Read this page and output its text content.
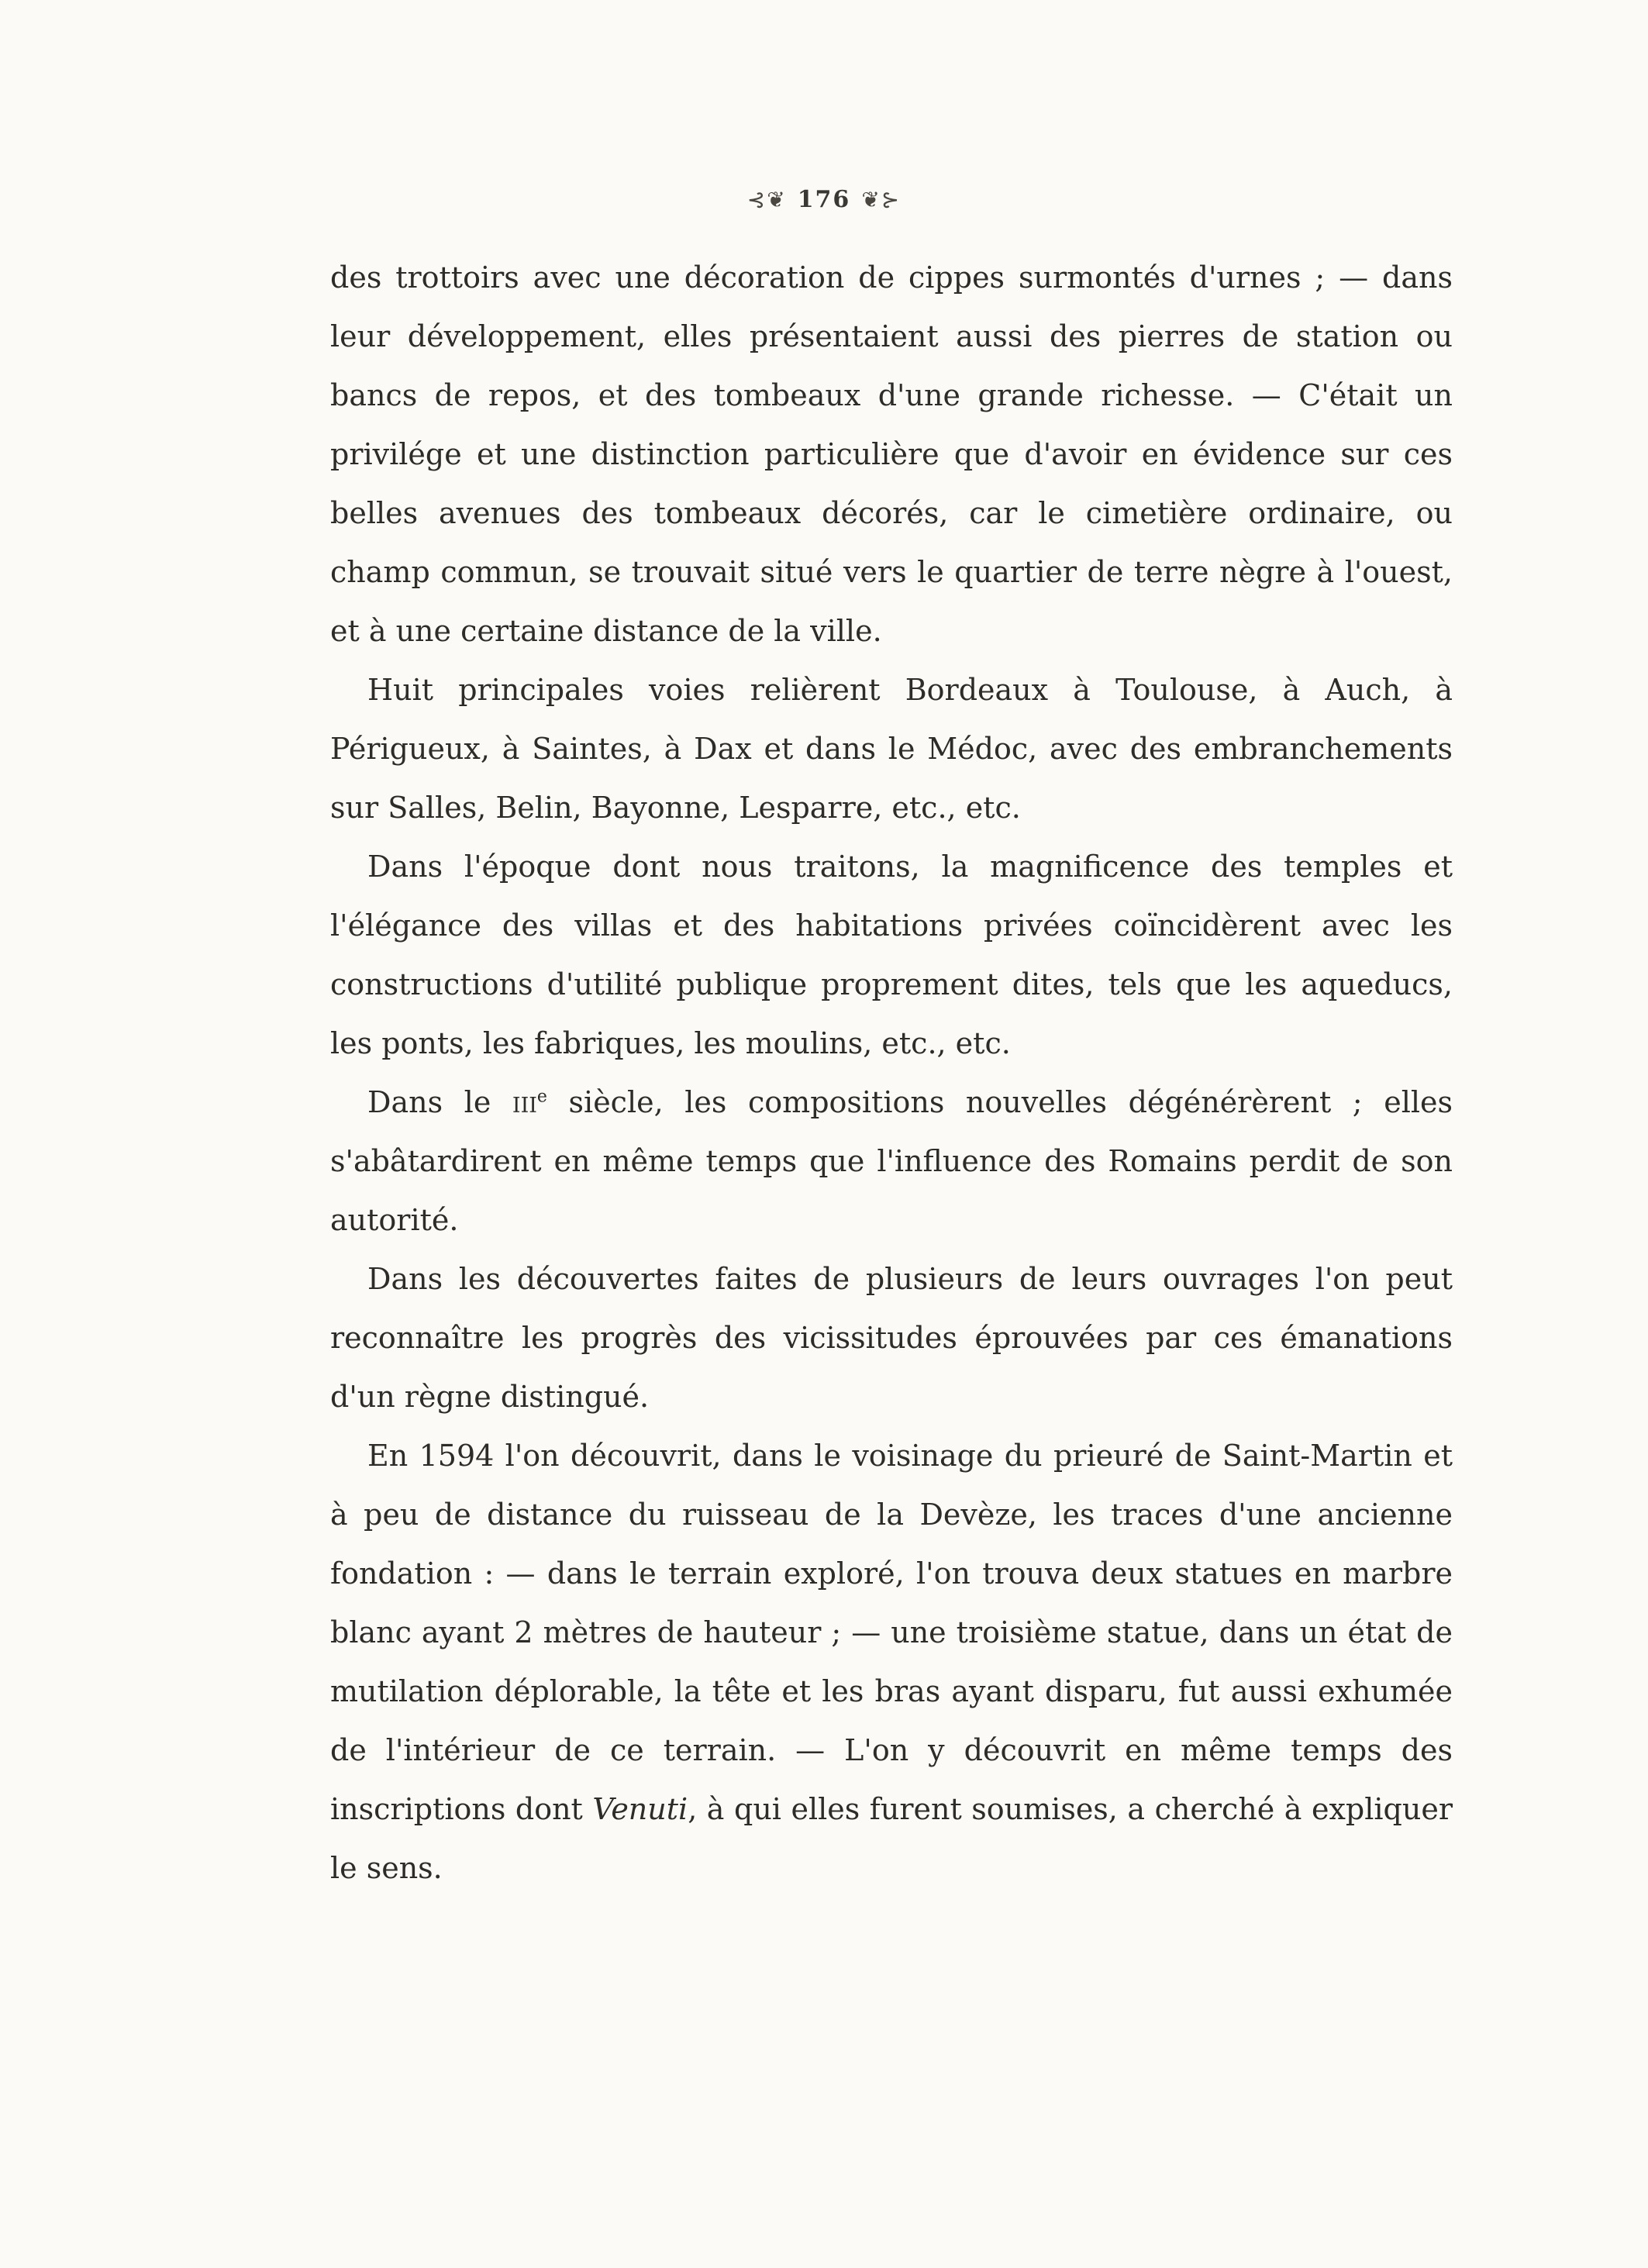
⊰❦ 176 ❦⊱

des trottoirs avec une décoration de cippes surmontés d'urnes ; — dans leur développement, elles présentaient aussi des pierres de station ou bancs de repos, et des tombeaux d'une grande richesse. — C'était un privilége et une distinction particulière que d'avoir en évidence sur ces belles avenues des tombeaux décorés, car le cimetière ordinaire, ou champ commun, se trouvait situé vers le quartier de terre nègre à l'ouest, et à une certaine distance de la ville.

Huit principales voies relièrent Bordeaux à Toulouse, à Auch, à Périgueux, à Saintes, à Dax et dans le Médoc, avec des embranchements sur Salles, Belin, Bayonne, Lesparre, etc., etc.

Dans l'époque dont nous traitons, la magnificence des temples et l'élégance des villas et des habitations privées coïncidèrent avec les constructions d'utilité publique proprement dites, tels que les aqueducs, les ponts, les fabriques, les moulins, etc., etc.

Dans le iii$^e$ siècle, les compositions nouvelles dégénérèrent ; elles s'abâtardirent en même temps que l'influence des Romains perdit de son autorité.

Dans les découvertes faites de plusieurs de leurs ouvrages l'on peut reconnaître les progrès des vicissitudes éprouvées par ces émanations d'un règne distingué.

En 1594 l'on découvrit, dans le voisinage du prieuré de Saint-Martin et à peu de distance du ruisseau de la Devèze, les traces d'une ancienne fondation : — dans le terrain exploré, l'on trouva deux statues en marbre blanc ayant 2 mètres de hauteur ; — une troisième statue, dans un état de mutilation déplorable, la tête et les bras ayant disparu, fut aussi exhumée de l'intérieur de ce terrain. — L'on y découvrit en même temps des inscriptions dont Venuti, à qui elles furent soumises, a cherché à expliquer le sens.
